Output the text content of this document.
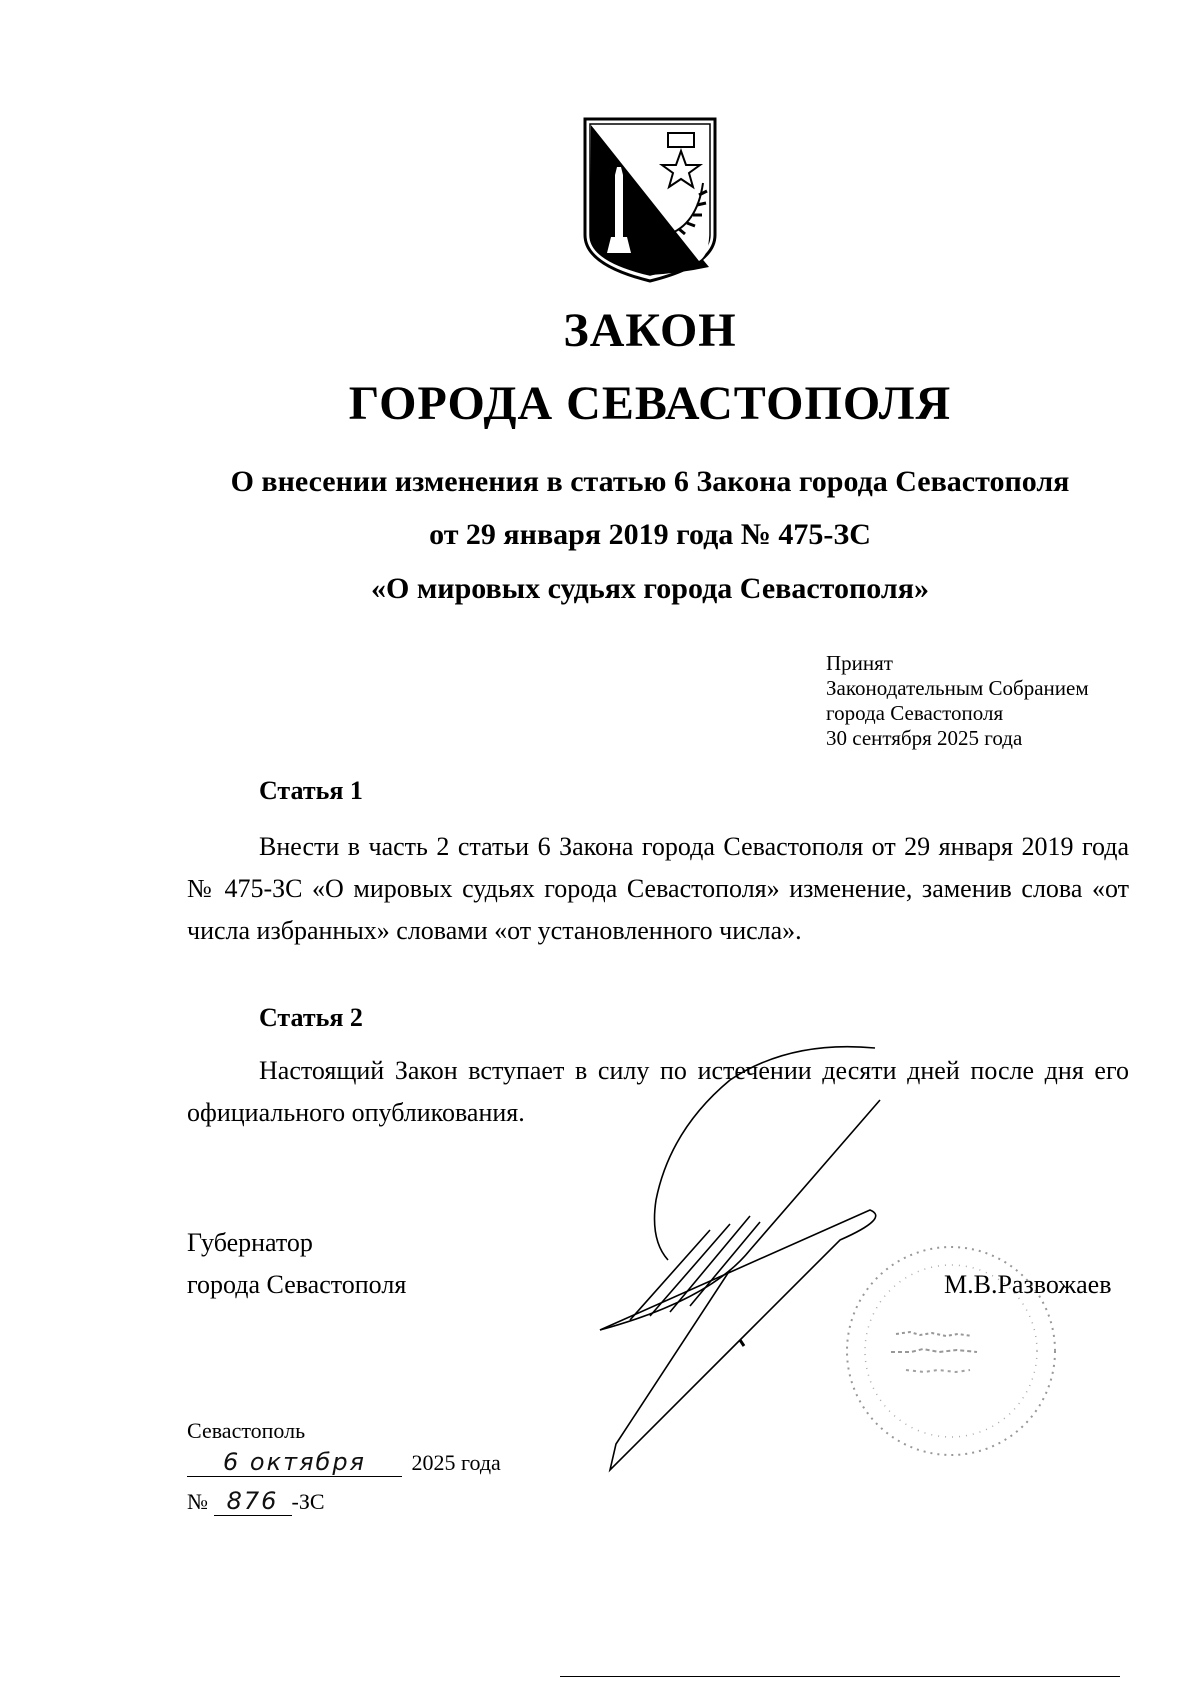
ЗАКОН
ГОРОДА СЕВАСТОПОЛЯ
О внесении изменения в статью 6 Закона города Севастополя
от 29 января 2019 года № 475-ЗС
«О мировых судьях города Севастополя»
Принят
Законодательным Собранием
города Севастополя
30 сентября 2025 года
Статья 1
Внести в часть 2 статьи 6 Закона города Севастополя от 29 января 2019 года № 475-ЗС «О мировых судьях города Севастополя» изменение, заменив слова «от числа избранных» словами «от установленного числа».
Статья 2
Настоящий Закон вступает в силу по истечении десяти дней после дня его официального опубликования.
Губернатор
города Севастополя	М.В.Развожаев
Севастополь
6 октября 2025 года
№ 876 -ЗС
